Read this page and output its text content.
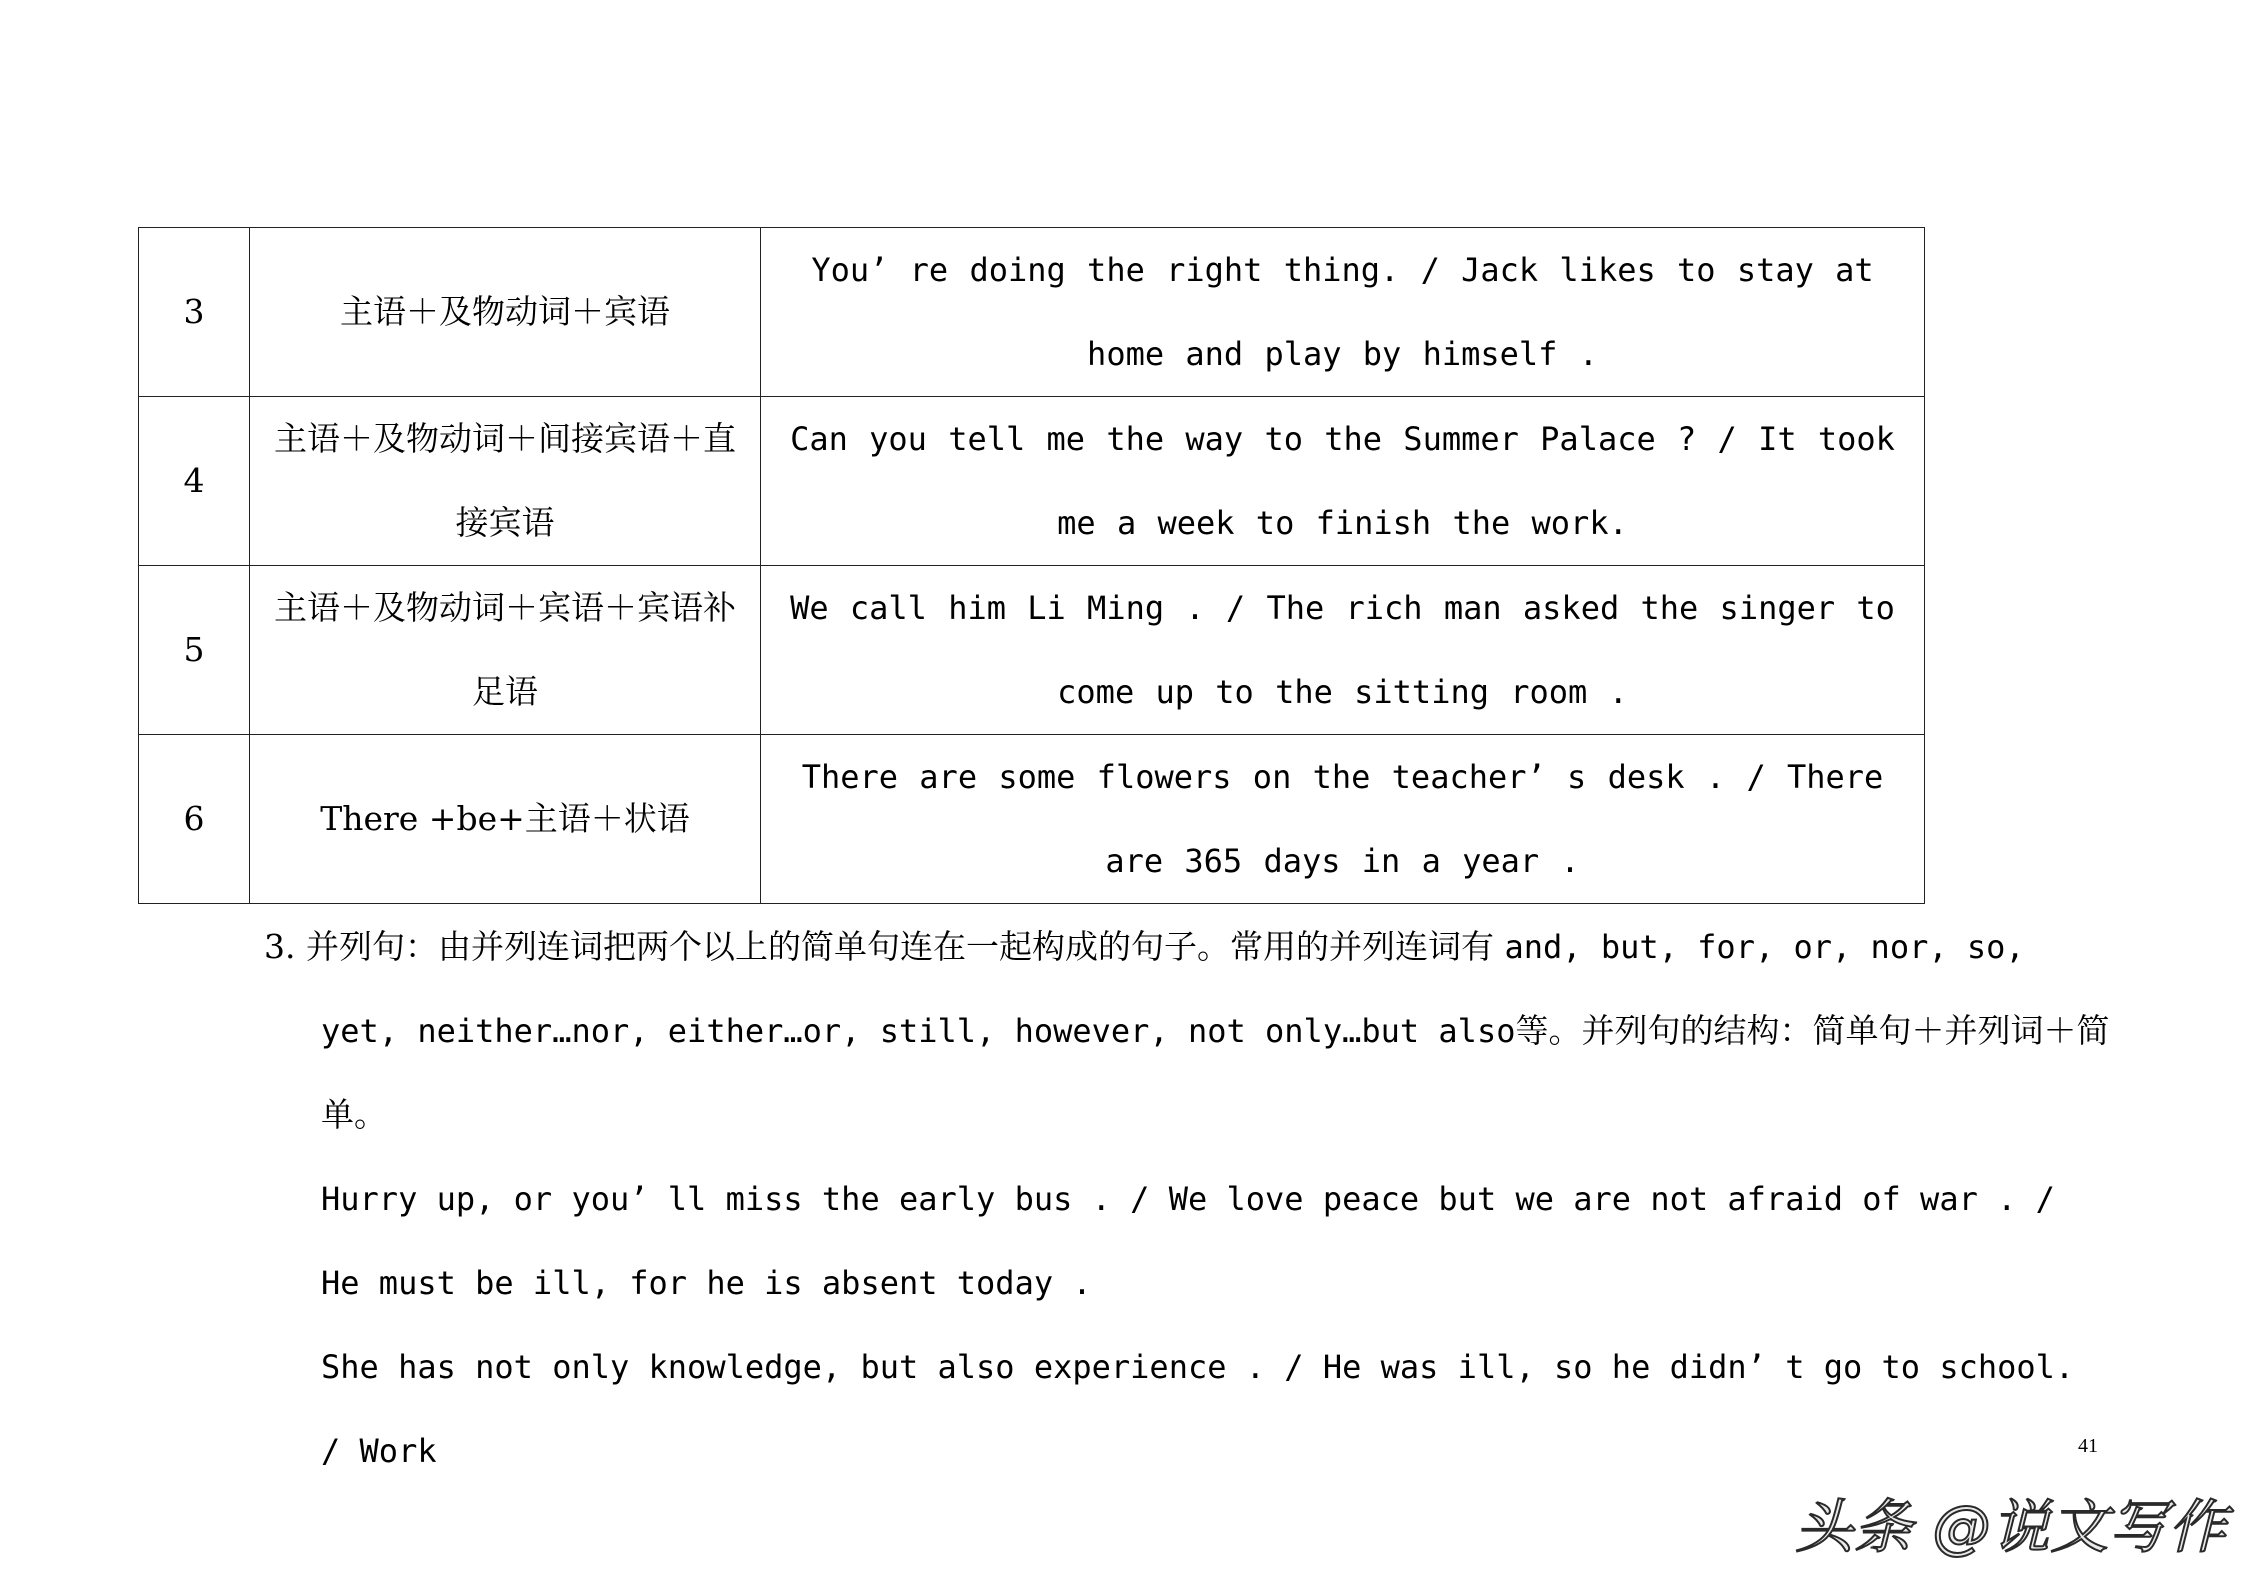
3	主语＋及物动词＋宾语	You’ re doing the right thing. / Jack likes to stay at home and play by himself .
4	主语＋及物动词＋间接宾语＋直接宾语	Can you tell me the way to the Summer Palace ? / It took me a week to finish the work.
5	主语＋及物动词＋宾语＋宾语补足语	We call him Li Ming . / The rich man asked the singer to come up to the sitting room .
6	There +be+主语＋状语	There are some flowers on the teacher’ s desk . / There are 365 days in a year .

3. 并列句：由并列连词把两个以上的简单句连在一起构成的句子。常用的并列连词有 and, but, for, or, nor, so, yet, neither…nor, either…or, still, however, not only…but also等。并列句的结构：简单句＋并列词＋简单。

Hurry up, or you’ ll miss the early bus . / We love peace but we are not afraid of war . / He must be ill, for he is absent today .

She has not only knowledge, but also experience . / He was ill, so he didn’ t go to school. / Work	41
头条 @说文写作
